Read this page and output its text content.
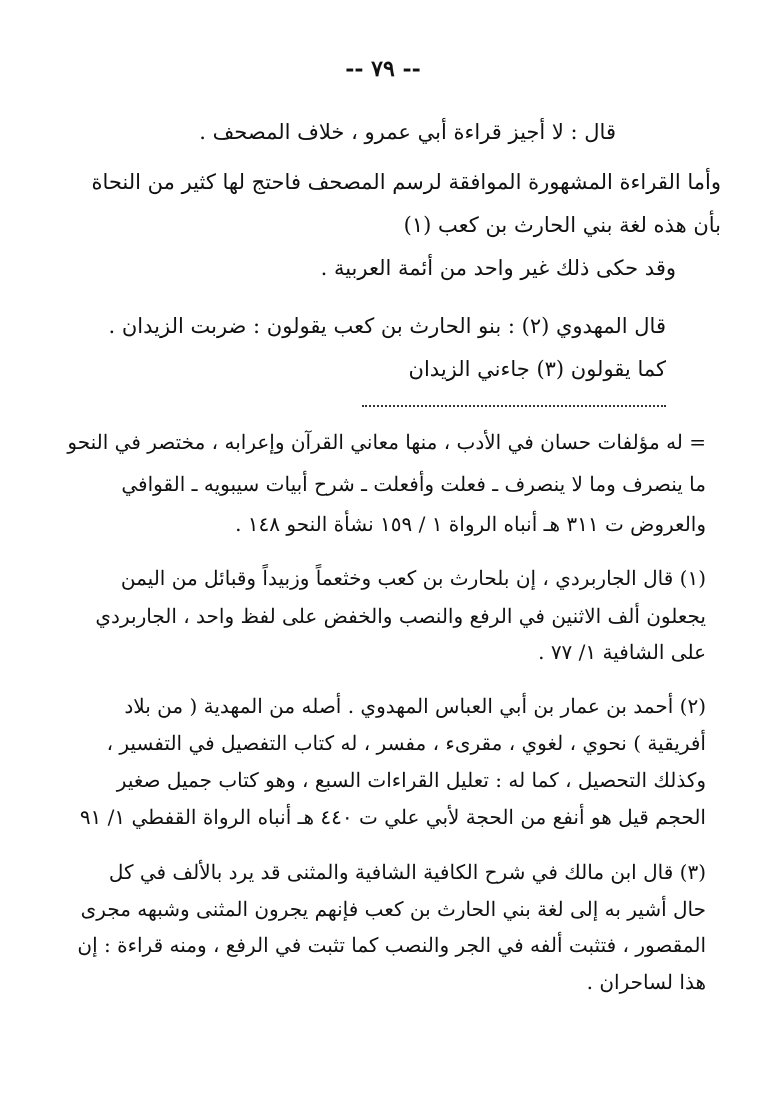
-- ٧٩ --
قال : لا أجيز قراءة أبي عمرو ، خلاف المصحف .
وأما القراءة المشهورة الموافقة لرسم المصحف فاحتج لها كثير من النحاة
بأن هذه لغة بني الحارث بن كعب (١)
وقد حكى ذلك غير واحد من أئمة العربية .
قال المهدوي (٢) : بنو الحارث بن كعب يقولون : ضربت الزيدان .
كما يقولون (٣) جاءني الزيدان
= له مؤلفات حسان في الأدب ، منها معاني القرآن وإعرابه ، مختصر في النحو
ما ينصرف وما لا ينصرف ـ فعلت وأفعلت ـ شرح أبيات سيبويه ـ القوافي
والعروض ت ٣١١ هـ أنباه الرواة ١ / ١٥٩ نشأة النحو ١٤٨ .
(١) قال الجاربردي ، إن بلحارث بن كعب وخثعماً وزبيداً وقبائل من اليمن
يجعلون ألف الاثنين في الرفع والنصب والخفض على لفظ واحد ، الجاربردي
على الشافية ١/ ٧٧ .
(٢) أحمد بن عمار بن أبي العباس المهدوي . أصله من المهدية ( من بلاد
أفريقية ) نحوي ، لغوي ، مقرىء ، مفسر ، له كتاب التفصيل في التفسير ،
وكذلك التحصيل ، كما له : تعليل القراءات السبع ، وهو كتاب جميل صغير
الحجم قيل هو أنفع من الحجة لأبي علي ت ٤٤٠ هـ أنباه الرواة القفطي ١/ ٩١
(٣) قال ابن مالك في شرح الكافية الشافية والمثنى قد يرد بالألف في كل
حال أشير به إلى لغة بني الحارث بن كعب فإنهم يجرون المثنى وشبهه مجرى
المقصور ، فتثبت ألفه في الجر والنصب كما تثبت في الرفع ، ومنه قراءة : إن
هذا لساحران .
